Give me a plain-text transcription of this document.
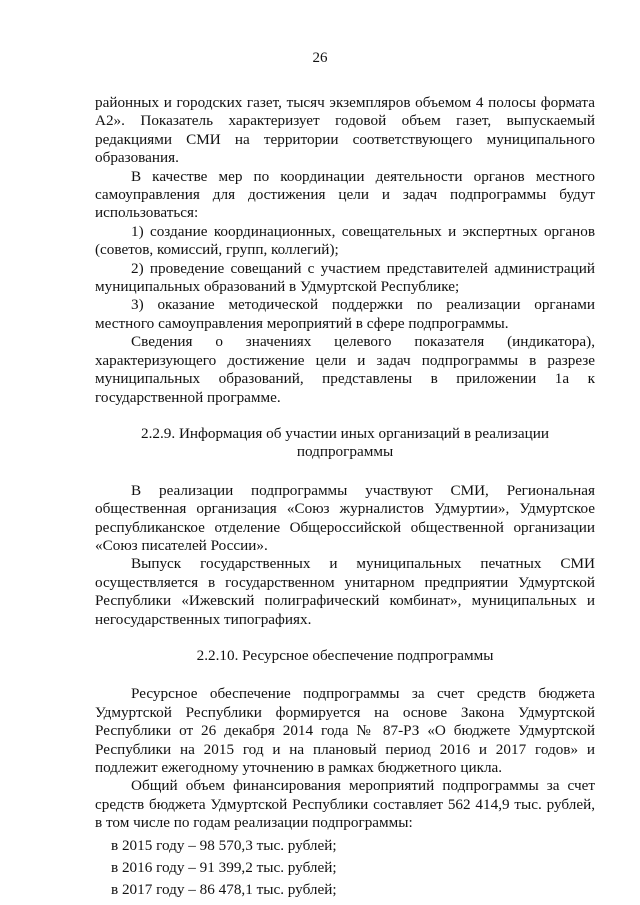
26

районных и городских газет, тысяч экземпляров объемом 4 полосы формата А2». Показатель характеризует годовой объем газет, выпускаемый редакциями СМИ на территории соответствующего муниципального образования.

В качестве мер по координации деятельности органов местного самоуправления для достижения цели и задач подпрограммы будут использоваться:

1) создание координационных, совещательных и экспертных органов (советов, комиссий, групп, коллегий);

2) проведение совещаний с участием представителей администраций муниципальных образований в Удмуртской Республике;

3) оказание методической поддержки по реализации органами местного самоуправления мероприятий в сфере подпрограммы.

Сведения о значениях целевого показателя (индикатора), характеризующего достижение цели и задач подпрограммы в разрезе муниципальных образований, представлены в приложении 1а к государственной программе.

2.2.9. Информация об участии иных организаций в реализации подпрограммы

В реализации подпрограммы участвуют СМИ, Региональная общественная организация «Союз журналистов Удмуртии», Удмуртское республиканское отделение Общероссийской общественной организации «Союз писателей России».

Выпуск государственных и муниципальных печатных СМИ осуществляется в государственном унитарном предприятии Удмуртской Республики «Ижевский полиграфический комбинат», муниципальных и негосударственных типографиях.

2.2.10. Ресурсное обеспечение подпрограммы

Ресурсное обеспечение подпрограммы за счет средств бюджета Удмуртской Республики формируется на основе Закона Удмуртской Республики от 26 декабря 2014 года № 87-РЗ «О бюджете Удмуртской Республики на 2015 год и на плановый период 2016 и 2017 годов» и подлежит ежегодному уточнению в рамках бюджетного цикла.

Общий объем финансирования мероприятий подпрограммы за счет средств бюджета Удмуртской Республики составляет 562 414,9 тыс. рублей, в том числе по годам реализации подпрограммы:

в 2015 году – 98 570,3 тыс. рублей;

в 2016 году – 91 399,2 тыс. рублей;

в 2017 году – 86 478,1 тыс. рублей;
